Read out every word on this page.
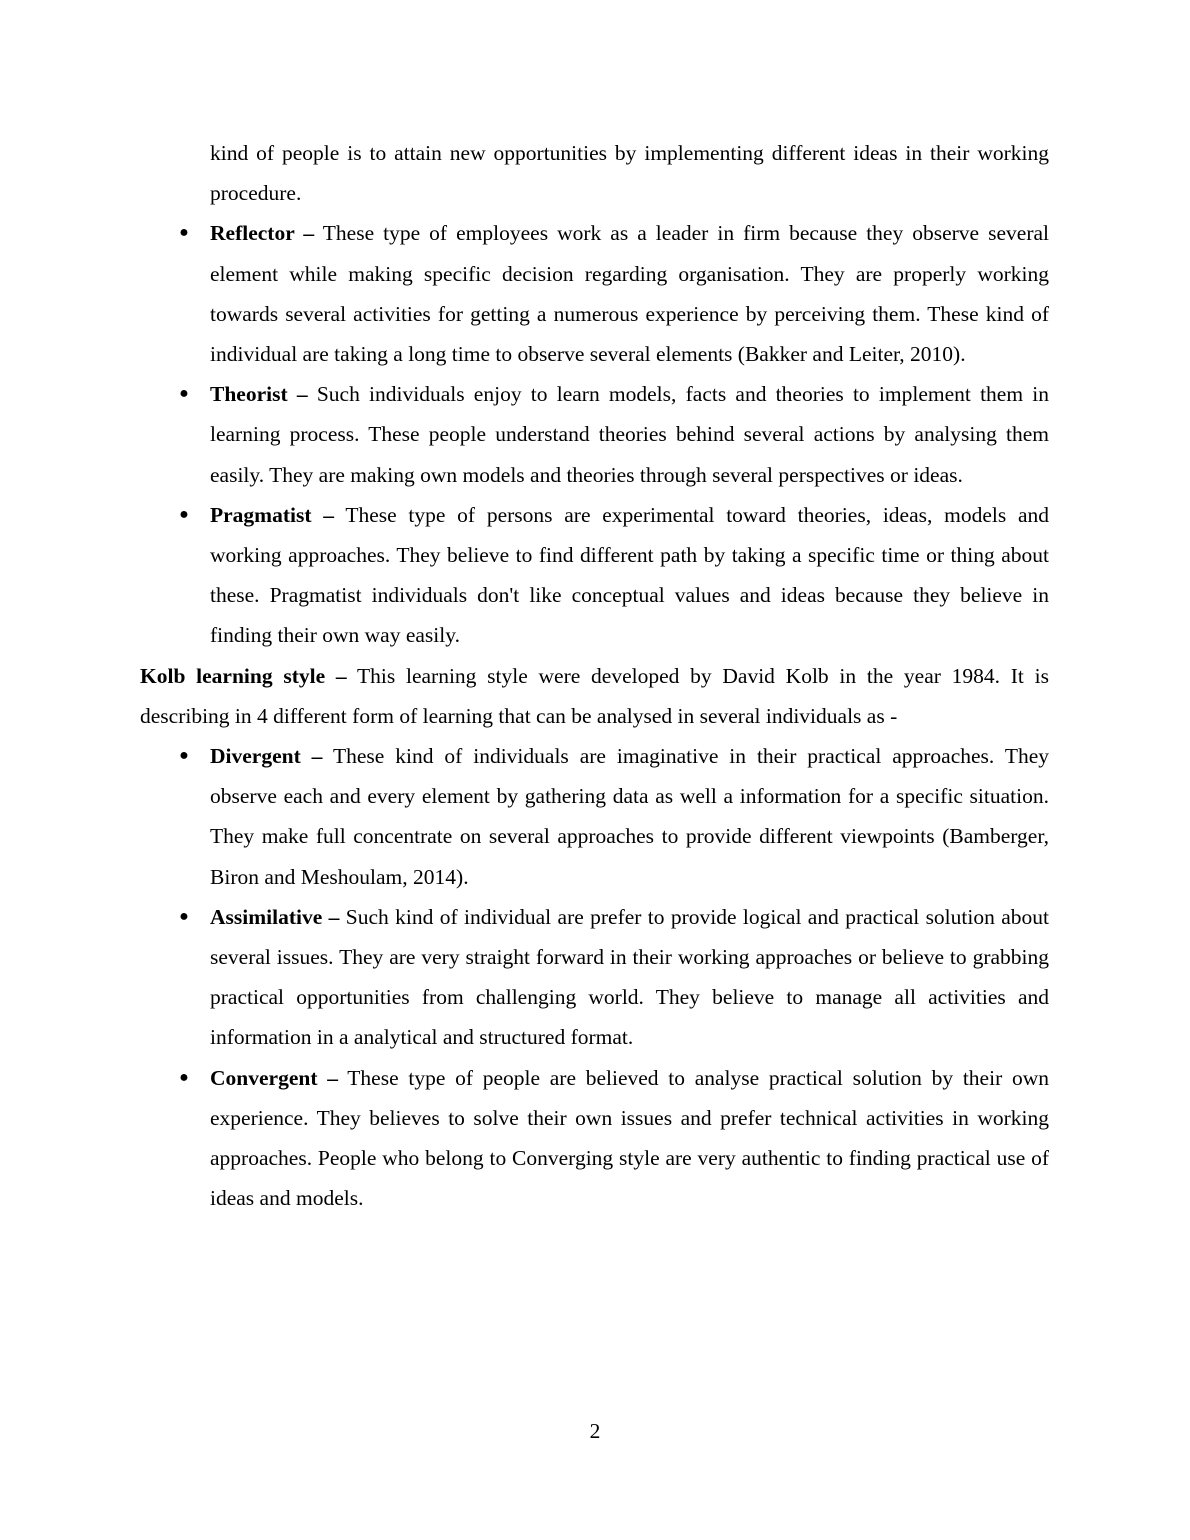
kind of people is to attain new opportunities by implementing different ideas in their working procedure.

● Reflector – These type of employees work as a leader in firm because they observe several element while making specific decision regarding organisation. They are properly working towards several activities for getting a numerous experience by perceiving them. These kind of individual are taking a long time to observe several elements (Bakker and Leiter, 2010).
● Theorist – Such individuals enjoy to learn models, facts and theories to implement them in learning process. These people understand theories behind several actions by analysing them easily. They are making own models and theories through several perspectives or ideas.
● Pragmatist – These type of persons are experimental toward theories, ideas, models and working approaches. They believe to find different path by taking a specific time or thing about these. Pragmatist individuals don't like conceptual values and ideas because they believe in finding their own way easily.

Kolb learning style – This learning style were developed by David Kolb in the year 1984. It is describing in 4 different form of learning that can be analysed in several individuals as -

● Divergent – These kind of individuals are imaginative in their practical approaches. They observe each and every element by gathering data as well a information for a specific situation. They make full concentrate on several approaches to provide different viewpoints (Bamberger, Biron and Meshoulam, 2014).
● Assimilative – Such kind of individual are prefer to provide logical and practical solution about several issues. They are very straight forward in their working approaches or believe to grabbing practical opportunities from challenging world. They believe to manage all activities and information in a analytical and structured format.
● Convergent – These type of people are believed to analyse practical solution by their own experience. They believes to solve their own issues and prefer technical activities in working approaches. People who belong to Converging style are very authentic to finding practical use of ideas and models.
2
